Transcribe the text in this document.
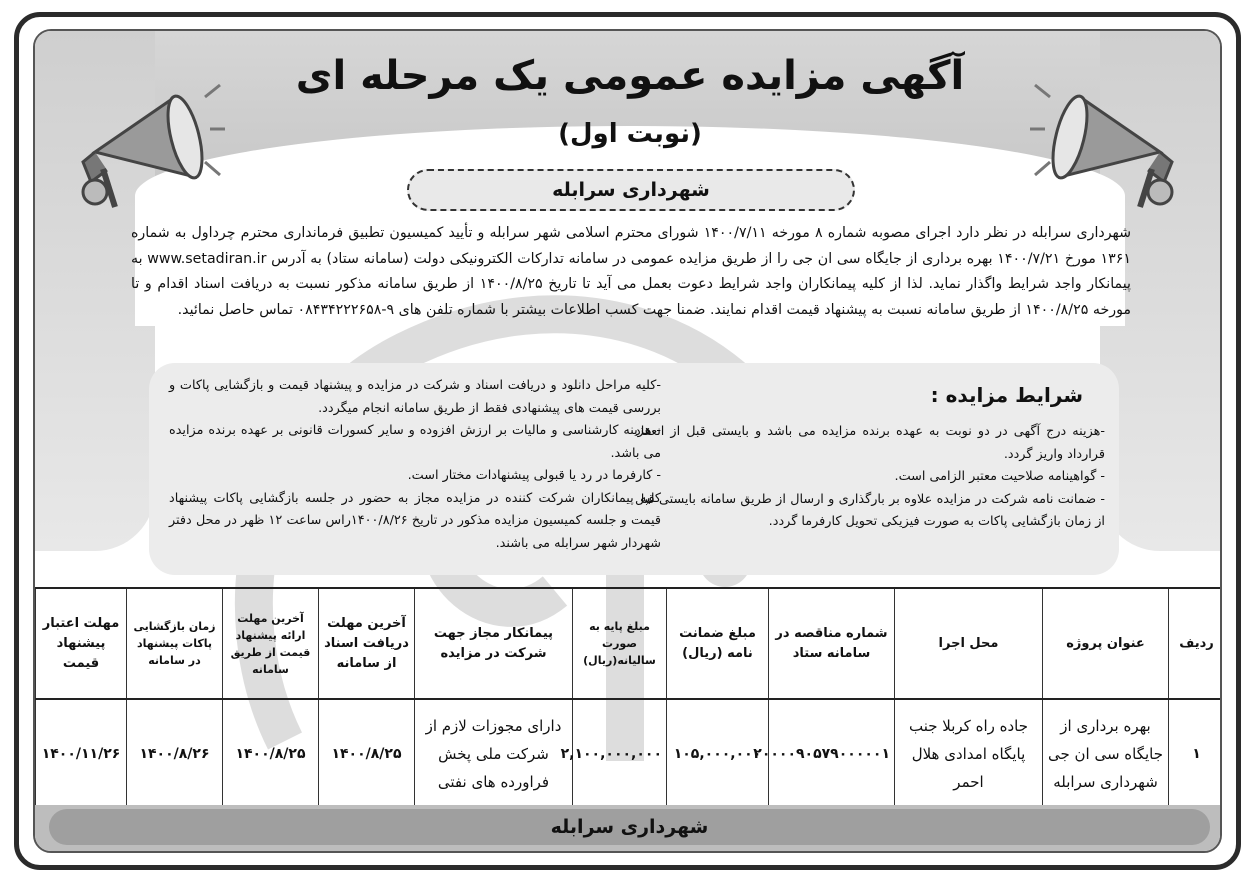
آگهی مزایده عمومی یک مرحله ای
(نوبت اول)
شهرداری سرابله
شهرداری سرابله در نظر دارد اجرای مصوبه شماره ۸ مورخه ۱۴۰۰/۷/۱۱ شورای محترم اسلامی شهر سرابله و تأیید کمیسیون تطبیق فرمانداری محترم چرداول به شماره ۱۳۶۱ مورخ ۱۴۰۰/۷/۲۱ بهره برداری از جایگاه سی ان جی را از طریق مزایده عمومی در سامانه تدارکات الکترونیکی دولت (سامانه ستاد) به آدرس www.setadiran.ir به پیمانکار واجد شرایط واگذار نماید. لذا از کلیه پیمانکاران واجد شرایط دعوت بعمل می آید تا تاریخ ۱۴۰۰/۸/۲۵ از طریق سامانه مذکور نسبت به دریافت اسناد اقدام و تا مورخه ۱۴۰۰/۸/۲۵ از طریق سامانه نسبت به پیشنهاد قیمت اقدام نمایند. ضمنا جهت کسب اطلاعات بیشتر با شماره تلفن های ۹-۰۸۴۳۴۲۲۲۶۵۸ تماس حاصل نمائید.
شرایط مزایده :
-هزینه درج آگهی در دو نوبت به عهده برنده مزایده می باشد و بایستی قبل از انعقاد قرارداد واریز گردد.
- گواهینامه صلاحیت معتبر الزامی است.
- ضمانت نامه شرکت در مزایده علاوه بر بارگذاری و ارسال از طریق سامانه بایستی قبل از زمان بازگشایی پاکات به صورت فیزیکی تحویل کارفرما گردد.
-کلیه مراحل دانلود و دریافت اسناد و شرکت در مزایده و پیشنهاد قیمت و بازگشایی پاکات و بررسی قیمت های پیشنهادی فقط از طریق سامانه انجام میگردد.
- هزینه کارشناسی و مالیات بر ارزش افزوده و سایر کسورات قانونی بر عهده برنده مزایده می باشد.
- کارفرما در رد یا قبولی پیشنهادات مختار است.
کلیه پیمانکاران شرکت کننده در مزایده مجاز به حضور در جلسه بازگشایی پاکات پیشنهاد قیمت و جلسه کمیسیون مزایده مذکور در تاریخ ۱۴۰۰/۸/۲۶راس ساعت ۱۲ ظهر در محل دفتر شهردار شهر سرابله می باشند.
ردیف	عنوان پروژه	محل اجرا	شماره مناقصه در سامانه ستاد	مبلغ ضمانت نامه (ریال)	مبلغ پایه به صورت سالیانه(ریال)	پیمانکار مجاز جهت شرکت در مزایده	آخرین مهلت دریافت اسناد از سامانه	آخرین مهلت ارائه پیشنهاد قیمت از طریق سامانه	زمان بازگشایی پاکات پیشنهاد در سامانه	مهلت اعتبار پیشنهاد قیمت
۱	بهره برداری از جایگاه سی ان جی شهرداری سرابله	جاده راه کربلا جنب پایگاه امدادی هلال احمر	۲۰۰۰۰۹۰۵۷۹۰۰۰۰۰۱	۱۰۵,۰۰۰,۰۰۰	۲,۱۰۰,۰۰۰,۰۰۰	دارای مجوزات لازم از شرکت ملی پخش فراورده های نفتی	۱۴۰۰/۸/۲۵	۱۴۰۰/۸/۲۵	۱۴۰۰/۸/۲۶	۱۴۰۰/۱۱/۲۶
شهرداری سرابله
